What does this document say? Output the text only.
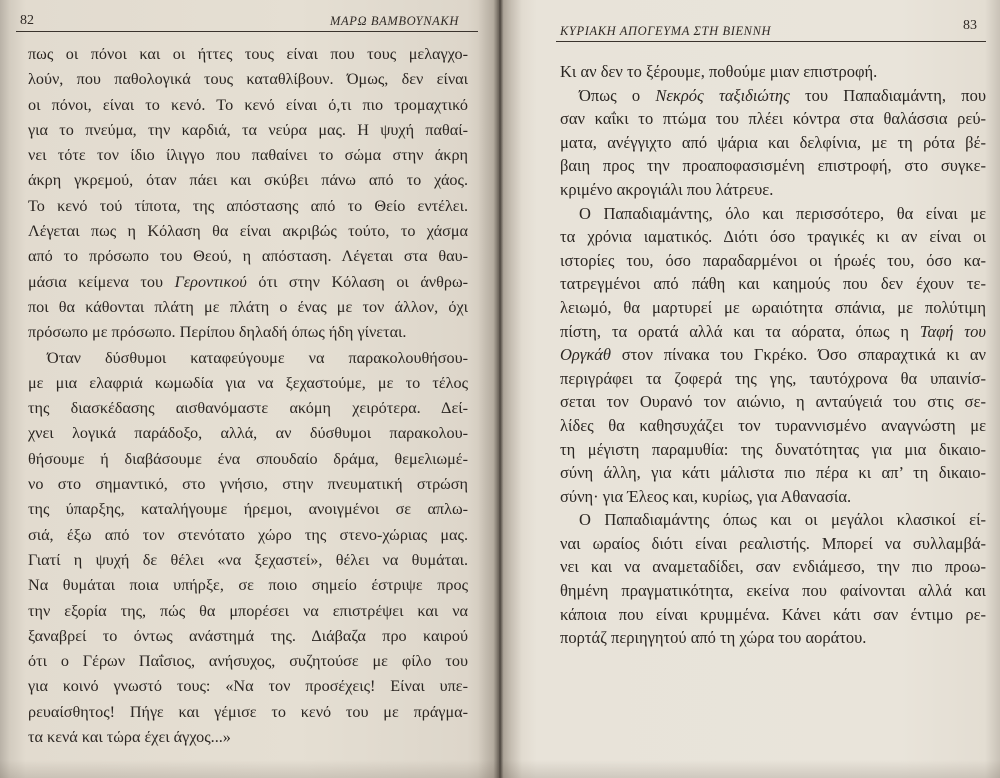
82	ΜΑΡΩ ΒΑΜΒΟΥΝΑΚΗ
ΚΥΡΙΑΚΗ ΑΠΟΓΕΥΜΑ ΣΤΗ ΒΙΕΝΝΗ	83
πως οι πόνοι και οι ήττες τους είναι που τους μελαγχο-
λούν, που παθολογικά τους καταθλίβουν. Όμως, δεν είναι
οι πόνοι, είναι το κενό. Το κενό είναι ό,τι πιο τρομαχτικό
για το πνεύμα, την καρδιά, τα νεύρα μας. Η ψυχή παθαί-
νει τότε τον ίδιο ίλιγγο που παθαίνει το σώμα στην άκρη
άκρη γκρεμού, όταν πάει και σκύβει πάνω από το χάος.
Το κενό τού τίποτα, της απόστασης από το Θείο εντέλει.
Λέγεται πως η Κόλαση θα είναι ακριβώς τούτο, το χάσμα
από το πρόσωπο του Θεού, η απόσταση. Λέγεται στα θαυ-
μάσια κείμενα του Γεροντικού ότι στην Κόλαση οι άνθρω-
ποι θα κάθονται πλάτη με πλάτη ο ένας με τον άλλον, όχι
πρόσωπο με πρόσωπο. Περίπου δηλαδή όπως ήδη γίνεται.
Όταν δύσθυμοι καταφεύγουμε να παρακολουθήσου-
με μια ελαφριά κωμωδία για να ξεχαστούμε, με το τέλος
της διασκέδασης αισθανόμαστε ακόμη χειρότερα. Δεί-
χνει λογικά παράδοξο, αλλά, αν δύσθυμοι παρακολου-
θήσουμε ή διαβάσουμε ένα σπουδαίο δράμα, θεμελιωμέ-
νο στο σημαντικό, στο γνήσιο, στην πνευματική στρώση
της ύπαρξης, καταλήγουμε ήρεμοι, ανοιγμένοι σε απλω-
σιά, έξω από τον στενότατο χώρο της στενο-χώριας μας.
Γιατί η ψυχή δε θέλει «να ξεχαστεί», θέλει να θυμάται.
Να θυμάται ποια υπήρξε, σε ποιο σημείο έστριψε προς
την εξορία της, πώς θα μπορέσει να επιστρέψει και να
ξαναβρεί το όντως ανάστημά της. Διάβαζα προ καιρού
ότι ο Γέρων Παΐσιος, ανήσυχος, συζητούσε με φίλο του
για κοινό γνωστό τους: «Να τον προσέχεις! Είναι υπε-
ρευαίσθητος! Πήγε και γέμισε το κενό του με πράγμα-
τα κενά και τώρα έχει άγχος...»
Κι αν δεν το ξέρουμε, ποθούμε μιαν επιστροφή.
Όπως ο Νεκρός ταξιδιώτης του Παπαδιαμάντη, που
σαν καΐκι το πτώμα του πλέει κόντρα στα θαλάσσια ρεύ-
ματα, ανέγγιχτο από ψάρια και δελφίνια, με τη ρότα βέ-
βαιη προς την προαποφασισμένη επιστροφή, στο συγκε-
κριμένο ακρογιάλι που λάτρευε.
Ο Παπαδιαμάντης, όλο και περισσότερο, θα είναι με
τα χρόνια ιαματικός. Διότι όσο τραγικές κι αν είναι οι
ιστορίες του, όσο παραδαρμένοι οι ήρωές του, όσο κα-
τατρεγμένοι από πάθη και καημούς που δεν έχουν τε-
λειωμό, θα μαρτυρεί με ωραιότητα σπάνια, με πολύτιμη
πίστη, τα ορατά αλλά και τα αόρατα, όπως η Ταφή του
Οργκάθ στον πίνακα του Γκρέκο. Όσο σπαραχτικά κι αν
περιγράφει τα ζοφερά της γης, ταυτόχρονα θα υπαινίσ-
σεται τον Ουρανό τον αιώνιο, η ανταύγειά του στις σε-
λίδες θα καθησυχάζει τον τυραννισμένο αναγνώστη με
τη μέγιστη παραμυθία: της δυνατότητας για μια δικαιο-
σύνη άλλη, για κάτι μάλιστα πιο πέρα κι απ’ τη δικαιο-
σύνη· για Έλεος και, κυρίως, για Αθανασία.
Ο Παπαδιαμάντης όπως και οι μεγάλοι κλασικοί εί-
ναι ωραίος διότι είναι ρεαλιστής. Μπορεί να συλλαμβά-
νει και να αναμεταδίδει, σαν ενδιάμεσο, την πιο προω-
θημένη πραγματικότητα, εκείνα που φαίνονται αλλά και
κάποια που είναι κρυμμένα. Κάνει κάτι σαν έντιμο ρε-
πορτάζ περιηγητού από τη χώρα του αοράτου.
